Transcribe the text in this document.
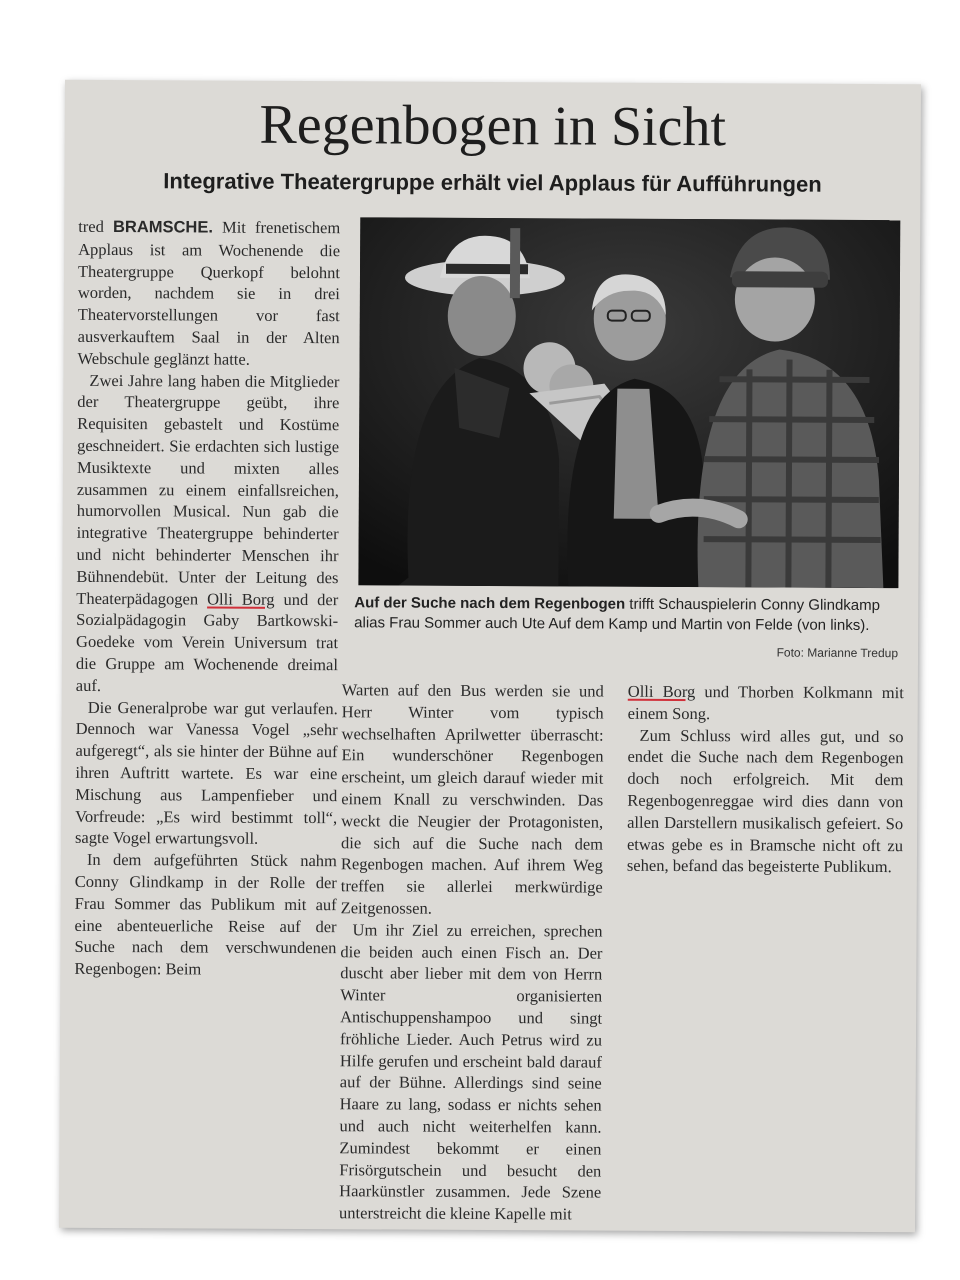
Regenbogen in Sicht
Integrative Theatergruppe erhält viel Applaus für Aufführungen

tred BRAMSCHE. Mit frenetischem Applaus ist am Wochenende die Theatergruppe Querkopf belohnt worden, nachdem sie in drei Theatervorstellungen vor fast ausverkauftem Saal in der Alten Webschule geglänzt hatte.

Zwei Jahre lang haben die Mitglieder der Theatergruppe geübt, ihre Requisiten gebastelt und Kostüme geschneidert. Sie erdachten sich lustige Musiktexte und mixten alles zusammen zu einem einfallsreichen, humorvollen Musical. Nun gab die integrative Theatergruppe behinderter und nicht behinderter Menschen ihr Bühnendebüt. Unter der Leitung des Theaterpädagogen Olli Borg und der Sozialpädagogin Gaby Bartkowski-Goedeke vom Verein Universum trat die Gruppe am Wochenende dreimal auf.

Die Generalprobe war gut verlaufen. Dennoch war Vanessa Vogel „sehr aufgeregt“, als sie hinter der Bühne auf ihren Auftritt wartete. Es war eine Mischung aus Lampenfieber und Vorfreude: „Es wird bestimmt toll“, sagte Vogel erwartungsvoll.

In dem aufgeführten Stück nahm Conny Glindkamp in der Rolle der Frau Sommer das Publikum mit auf eine abenteuerliche Reise auf der Suche nach dem verschwundenen Regenbogen: Beim

Auf der Suche nach dem Regenbogen trifft Schauspielerin Conny Glindkamp alias Frau Sommer auch Ute Auf dem Kamp und Martin von Felde (von links).
Foto: Marianne Tredup

Warten auf den Bus werden sie und Herr Winter vom typisch wechselhaften Aprilwetter überrascht: Ein wunderschöner Regenbogen erscheint, um gleich darauf wieder mit einem Knall zu verschwinden. Das weckt die Neugier der Protagonisten, die sich auf die Suche nach dem Regenbogen machen. Auf ihrem Weg treffen sie allerlei merkwürdige Zeitgenossen.

Um ihr Ziel zu erreichen, sprechen die beiden auch einen Fisch an. Der duscht aber lieber mit dem von Herrn Winter organisierten Antischuppenshampoo und singt fröhliche Lieder. Auch Petrus wird zu Hilfe gerufen und erscheint bald darauf auf der Bühne. Allerdings sind seine Haare zu lang, sodass er nichts sehen und auch nicht weiterhelfen kann. Zumindest bekommt er einen Frisörgutschein und besucht den Haarkünstler zusammen. Jede Szene unterstreicht die kleine Kapelle mit

Olli Borg und Thorben Kolkmann mit einem Song.

Zum Schluss wird alles gut, und so endet die Suche nach dem Regenbogen doch noch erfolgreich. Mit dem Regenbogenreggae wird dies dann von allen Darstellern musikalisch gefeiert. So etwas gebe es in Bramsche nicht oft zu sehen, befand das begeisterte Publikum.
